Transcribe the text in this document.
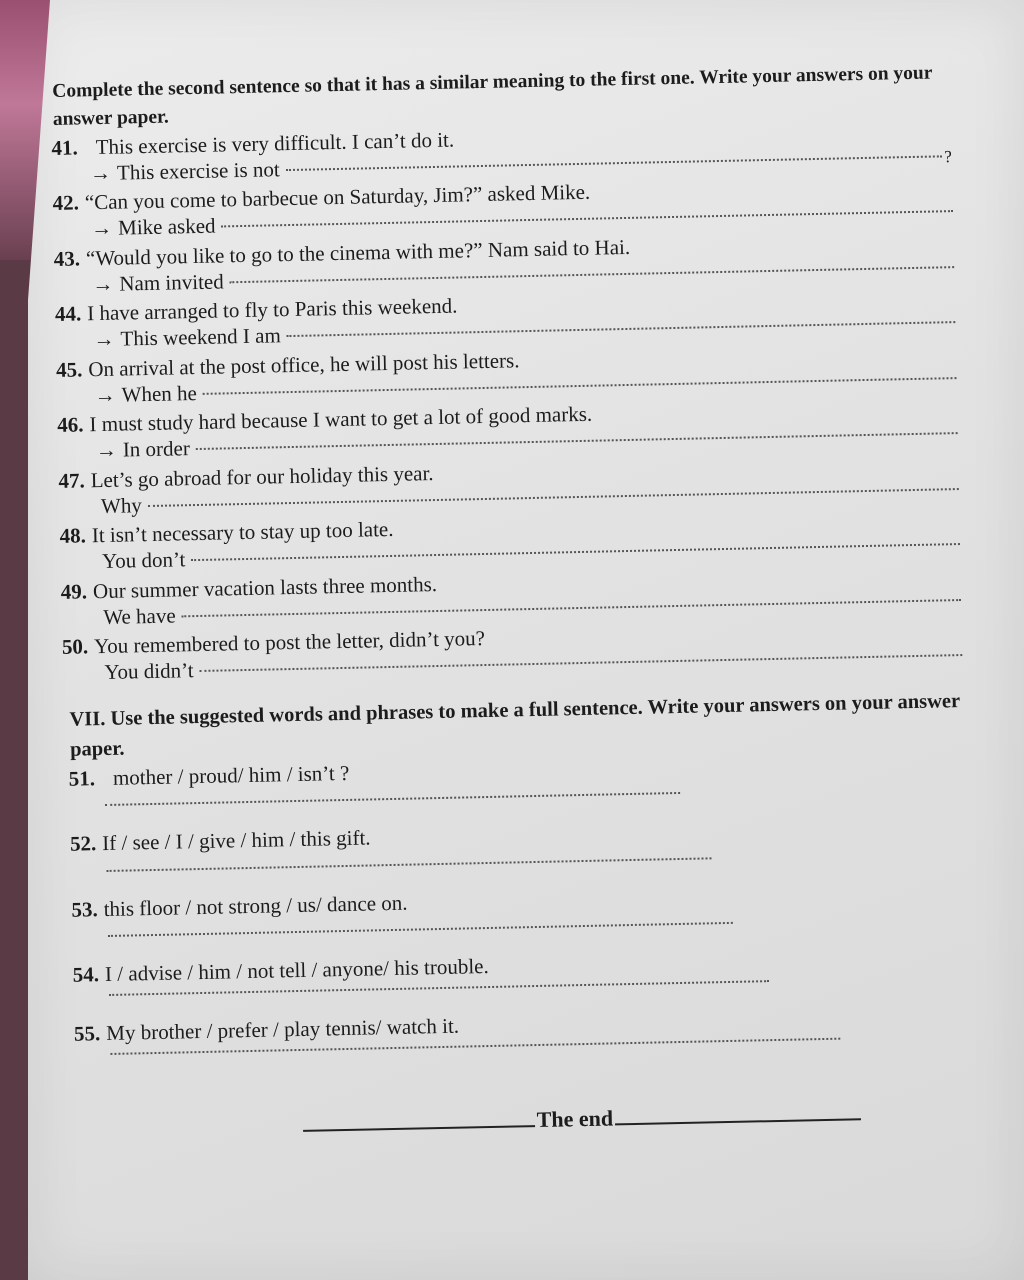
Complete the second sentence so that it has a similar meaning to the first one. Write your answers on your answer paper.

41. This exercise is very difficult. I can’t do it.
→ This exercise is not
?
42. “Can you come to barbecue on Saturday, Jim?” asked Mike.
→ Mike asked
43. “Would you like to go to the cinema with me?” Nam said to Hai.
→ Nam invited
44. I have arranged to fly to Paris this weekend.
→ This weekend I am
45. On arrival at the post office, he will post his letters.
→ When he
46. I must study hard because I want to get a lot of good marks.
→ In order
47. Let’s go abroad for our holiday this year.
Why
48. It isn’t necessary to stay up too late.
You don’t
49. Our summer vacation lasts three months.
We have
50. You remembered to post the letter, didn’t you?
You didn’t

VII. Use the suggested words and phrases to make a full sentence. Write your answers on your answer paper.

51. mother / proud/ him / isn’t ?
52. If / see / I / give / him / this gift.
53. this floor / not strong / us/ dance on.
54. I / advise / him / not tell / anyone/ his trouble.
55. My brother / prefer / play tennis/ watch it.
The end
